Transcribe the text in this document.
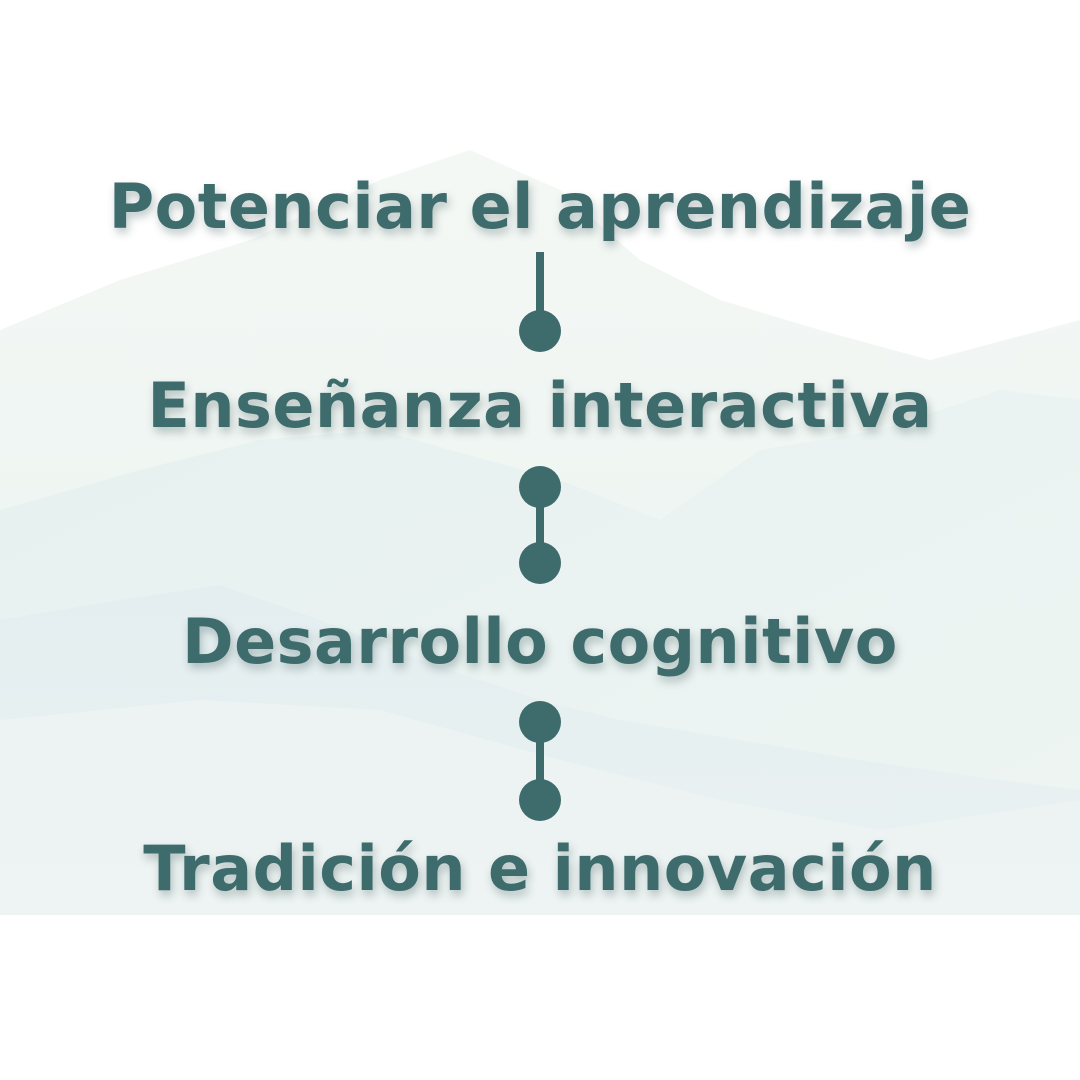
Potenciar el aprendizaje
Enseñanza interactiva
Desarrollo cognitivo
Tradición e innovación
